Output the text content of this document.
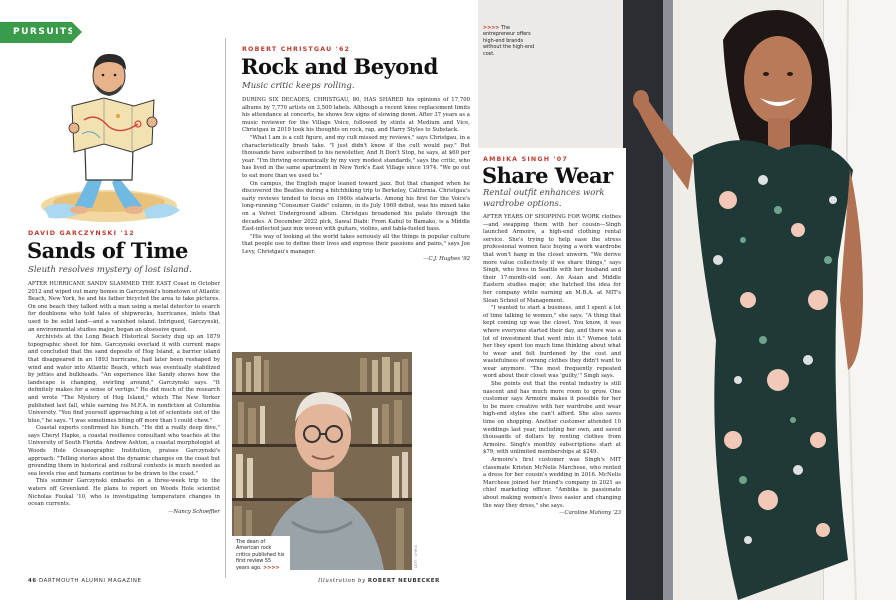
PURSUITS
DAVID GARCZYNSKI '12
Sands of Time

Sleuth resolves mystery of lost island.

AFTER HURRICANE SANDY SLAMMED THE EAST Coast in October 2012 and wiped out many homes in Garczynski's hometown of Atlantic Beach, New York, he and his father bicycled the area to take pictures. On one beach they talked with a man using a metal detector to search for doubloons who told tales of shipwrecks, hurricanes, inlets that used to be solid land—and a vanished island. Intrigued, Garczynski, an environmental studies major, began an obsessive quest.

Archivists at the Long Beach Historical Society dug up an 1879 topographic sheet for him. Garczynski overlaid it with current maps and concluded that the sand deposits of Hog Island, a barrier island that disappeared in an 1893 hurricane, had later been reshaped by wind and water into Atlantic Beach, which was eventually stabilized by jetties and bulkheads. "An experience like Sandy shows how the landscape is changing, swirling around," Garczynski says. "It definitely makes for a sense of vertigo." He did much of the research and wrote "The Mystery of Hog Island," which The New Yorker published last fall, while earning his M.F.A. in nonfiction at Columbia University. "You find yourself approaching a lot of scientists out of the blue," he says. "I was sometimes biting off more than I could chew."

Coastal experts confirmed his hunch. "He did a really deep dive," says Cheryl Hapke, a coastal resilience consultant who teaches at the University of South Florida. Andrew Ashton, a coastal morphologist at Woods Hole Oceanographic Institution, praises Garczynski's approach: "Telling stories about the dynamic changes on the coast but grounding them in historical and cultural contexts is much needed as sea levels rise and humans continue to be drawn to the coast."

This summer Garczynski embarks on a three-week trip to the waters off Greenland. He plans to report on Woods Hole scientist Nicholas Foukal '10, who is investigating temperature changes in ocean currents.

—Nancy Schoeffler
ROBERT CHRISTGAU '62
Rock and Beyond

Music critic keeps rolling.

DURING SIX DECADES, CHRISTGAU, 80, HAS SHARED his opinions of 17,700 albums by 7,770 artists on 3,500 labels. Although a recent knee replacement limits his attendance at concerts, he shows few signs of slowing down. After 37 years as a music reviewer for the Village Voice, followed by stints at Medium and Vice, Christgau in 2019 took his thoughts on rock, rap, and Harry Styles to Substack.

"What I am is a cult figure, and my cult missed my reviews," says Christgau, in a characteristically brash take. "I just didn't know if the cult would pay." But thousands have subscribed to his newsletter, And It Don't Stop, he says, at $60 per year. "I'm thriving economically by my very modest standards," says the critic, who has lived in the same apartment in New York's East Village since 1974. "We go out to eat more than we used to."

On campus, the English major leaned toward jazz. But that changed when he discovered the Beatles during a hitchhiking trip to Berkeley, California. Christgau's early reviews tended to focus on 1960s stalwarts. Among his first for the Voice's long-running "Consumer Guide" column, in its July 1969 debut, was his mixed take on a Velvet Underground album. Christgau broadened his palate through the decades. A December 2022 pick, Sawal Diabi: From Kabul to Bamako, is a Middle East-inflected jazz mix woven with guitars, violins, and tabla-fueled bass.

"His way of looking at the world takes seriously all the things in popular culture that people use to define their lives and express their passions and pains," says Joe Levy, Christgau's manager.

—C.J. Hughes '92
The dean of American rock critics published his first review 55 years ago. >>>>	LEFT: CHRIS
>>>> The entrepreneur offers high-end brands without the high-end cost.
AMBIKA SINGH '07
Share Wear

Rental outfit enhances work wardrobe options.

AFTER YEARS OF SHOPPING FOR WORK clothes—and swapping them with her cousin—Singh launched Armoire, a high-end clothing rental service. She's trying to help ease the stress professional women face buying a work wardrobe that won't hang in the closet unworn. "We derive more value collectively if we share things," says Singh, who lives in Seattle with her husband and their 17-month-old son. An Asian and Middle Eastern studies major, she hatched the idea for her company while earning an M.B.A. at MIT's Sloan School of Management.

"I wanted to start a business, and I spent a lot of time talking to women," she says. "A thing that kept coming up was the closet. You know, it was where everyone started their day, and there was a lot of investment that went into it." Women told her they spent too much time thinking about what to wear and felt burdened by the cost and wastefulness of owning clothes they didn't want to wear anymore. "The most frequently repeated word about their closet was 'guilty,'" Singh says.

She points out that the rental industry is still nascent and has much more room to grow. One customer says Armoire makes it possible for her to be more creative with her wardrobe and wear high-end styles she can't afford. She also saves time on shopping. Another customer attended 10 weddings last year, including her own, and saved thousands of dollars by renting clothes from Armoire. Singh's monthly subscriptions start at $79, with unlimited memberships at $249.

Armoire's first customer was Singh's MIT classmate Kristen McNelis Marchese, who rented a dress for her cousin's wedding in 2016. McNelis Marchese joined her friend's company in 2021 as chief marketing officer. "Ambika is passionate about making women's lives easier and changing the way they dress," she says.

—Caroline Mahony '23
46 DARTMOUTH ALUMNI MAGAZINE	Illustration by ROBERT NEUBECKER
